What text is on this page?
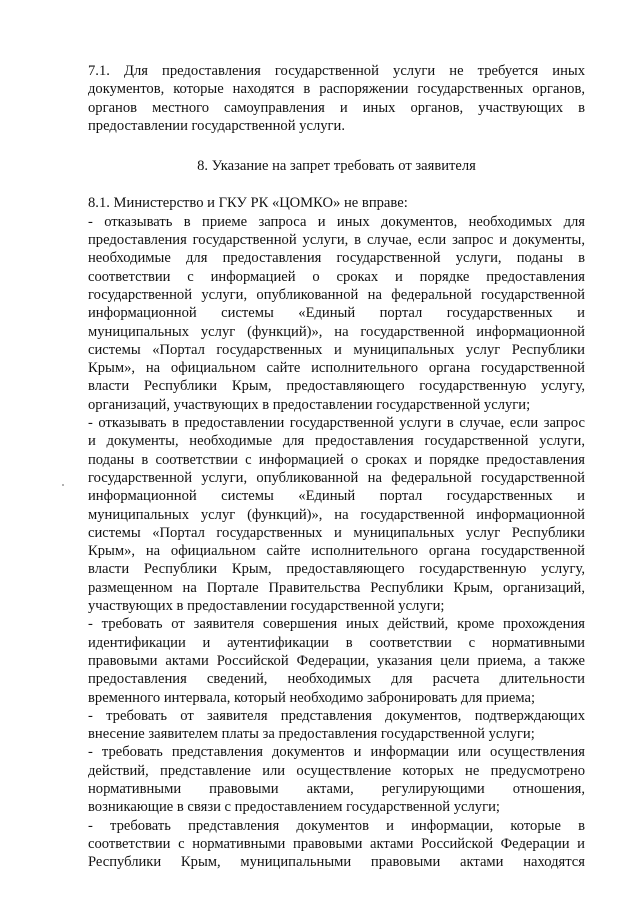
7.1. Для предоставления государственной услуги не требуется иных
документов, которые находятся в распоряжении государственных органов,
органов местного самоуправления и иных органов, участвующих в
предоставлении государственной услуги.
8. Указание на запрет требовать от заявителя
8.1. Министерство и ГКУ РК «ЦОМКО» не вправе:
- отказывать в приеме запроса и иных документов, необходимых для
предоставления государственной услуги, в случае, если запрос и документы,
необходимые для предоставления государственной услуги, поданы в
соответствии с информацией о сроках и порядке предоставления
государственной услуги, опубликованной на федеральной государственной
информационной системы «Единый портал государственных и
муниципальных услуг (функций)», на государственной информационной
системы «Портал государственных и муниципальных услуг Республики
Крым», на официальном сайте исполнительного органа государственной
власти Республики Крым, предоставляющего государственную услугу,
организаций, участвующих в предоставлении государственной услуги;
- отказывать в предоставлении государственной услуги в случае, если запрос
и документы, необходимые для предоставления государственной услуги,
поданы в соответствии с информацией о сроках и порядке предоставления
государственной услуги, опубликованной на федеральной государственной
информационной системы «Единый портал государственных и
муниципальных услуг (функций)», на государственной информационной
системы «Портал государственных и муниципальных услуг Республики
Крым», на официальном сайте исполнительного органа государственной
власти Республики Крым, предоставляющего государственную услугу,
размещенном на Портале Правительства Республики Крым, организаций,
участвующих в предоставлении государственной услуги;
- требовать от заявителя совершения иных действий, кроме прохождения
идентификации и аутентификации в соответствии с нормативными
правовыми актами Российской Федерации, указания цели приема, а также
предоставления сведений, необходимых для расчета длительности
временного интервала, который необходимо забронировать для приема;
- требовать от заявителя представления документов, подтверждающих
внесение заявителем платы за предоставления государственной услуги;
- требовать представления документов и информации или осуществления
действий, представление или осуществление которых не предусмотрено
нормативными правовыми актами, регулирующими отношения,
возникающие в связи с предоставлением государственной услуги;
- требовать представления документов и информации, которые в
соответствии с нормативными правовыми актами Российской Федерации и
Республики Крым, муниципальными правовыми актами находятся
